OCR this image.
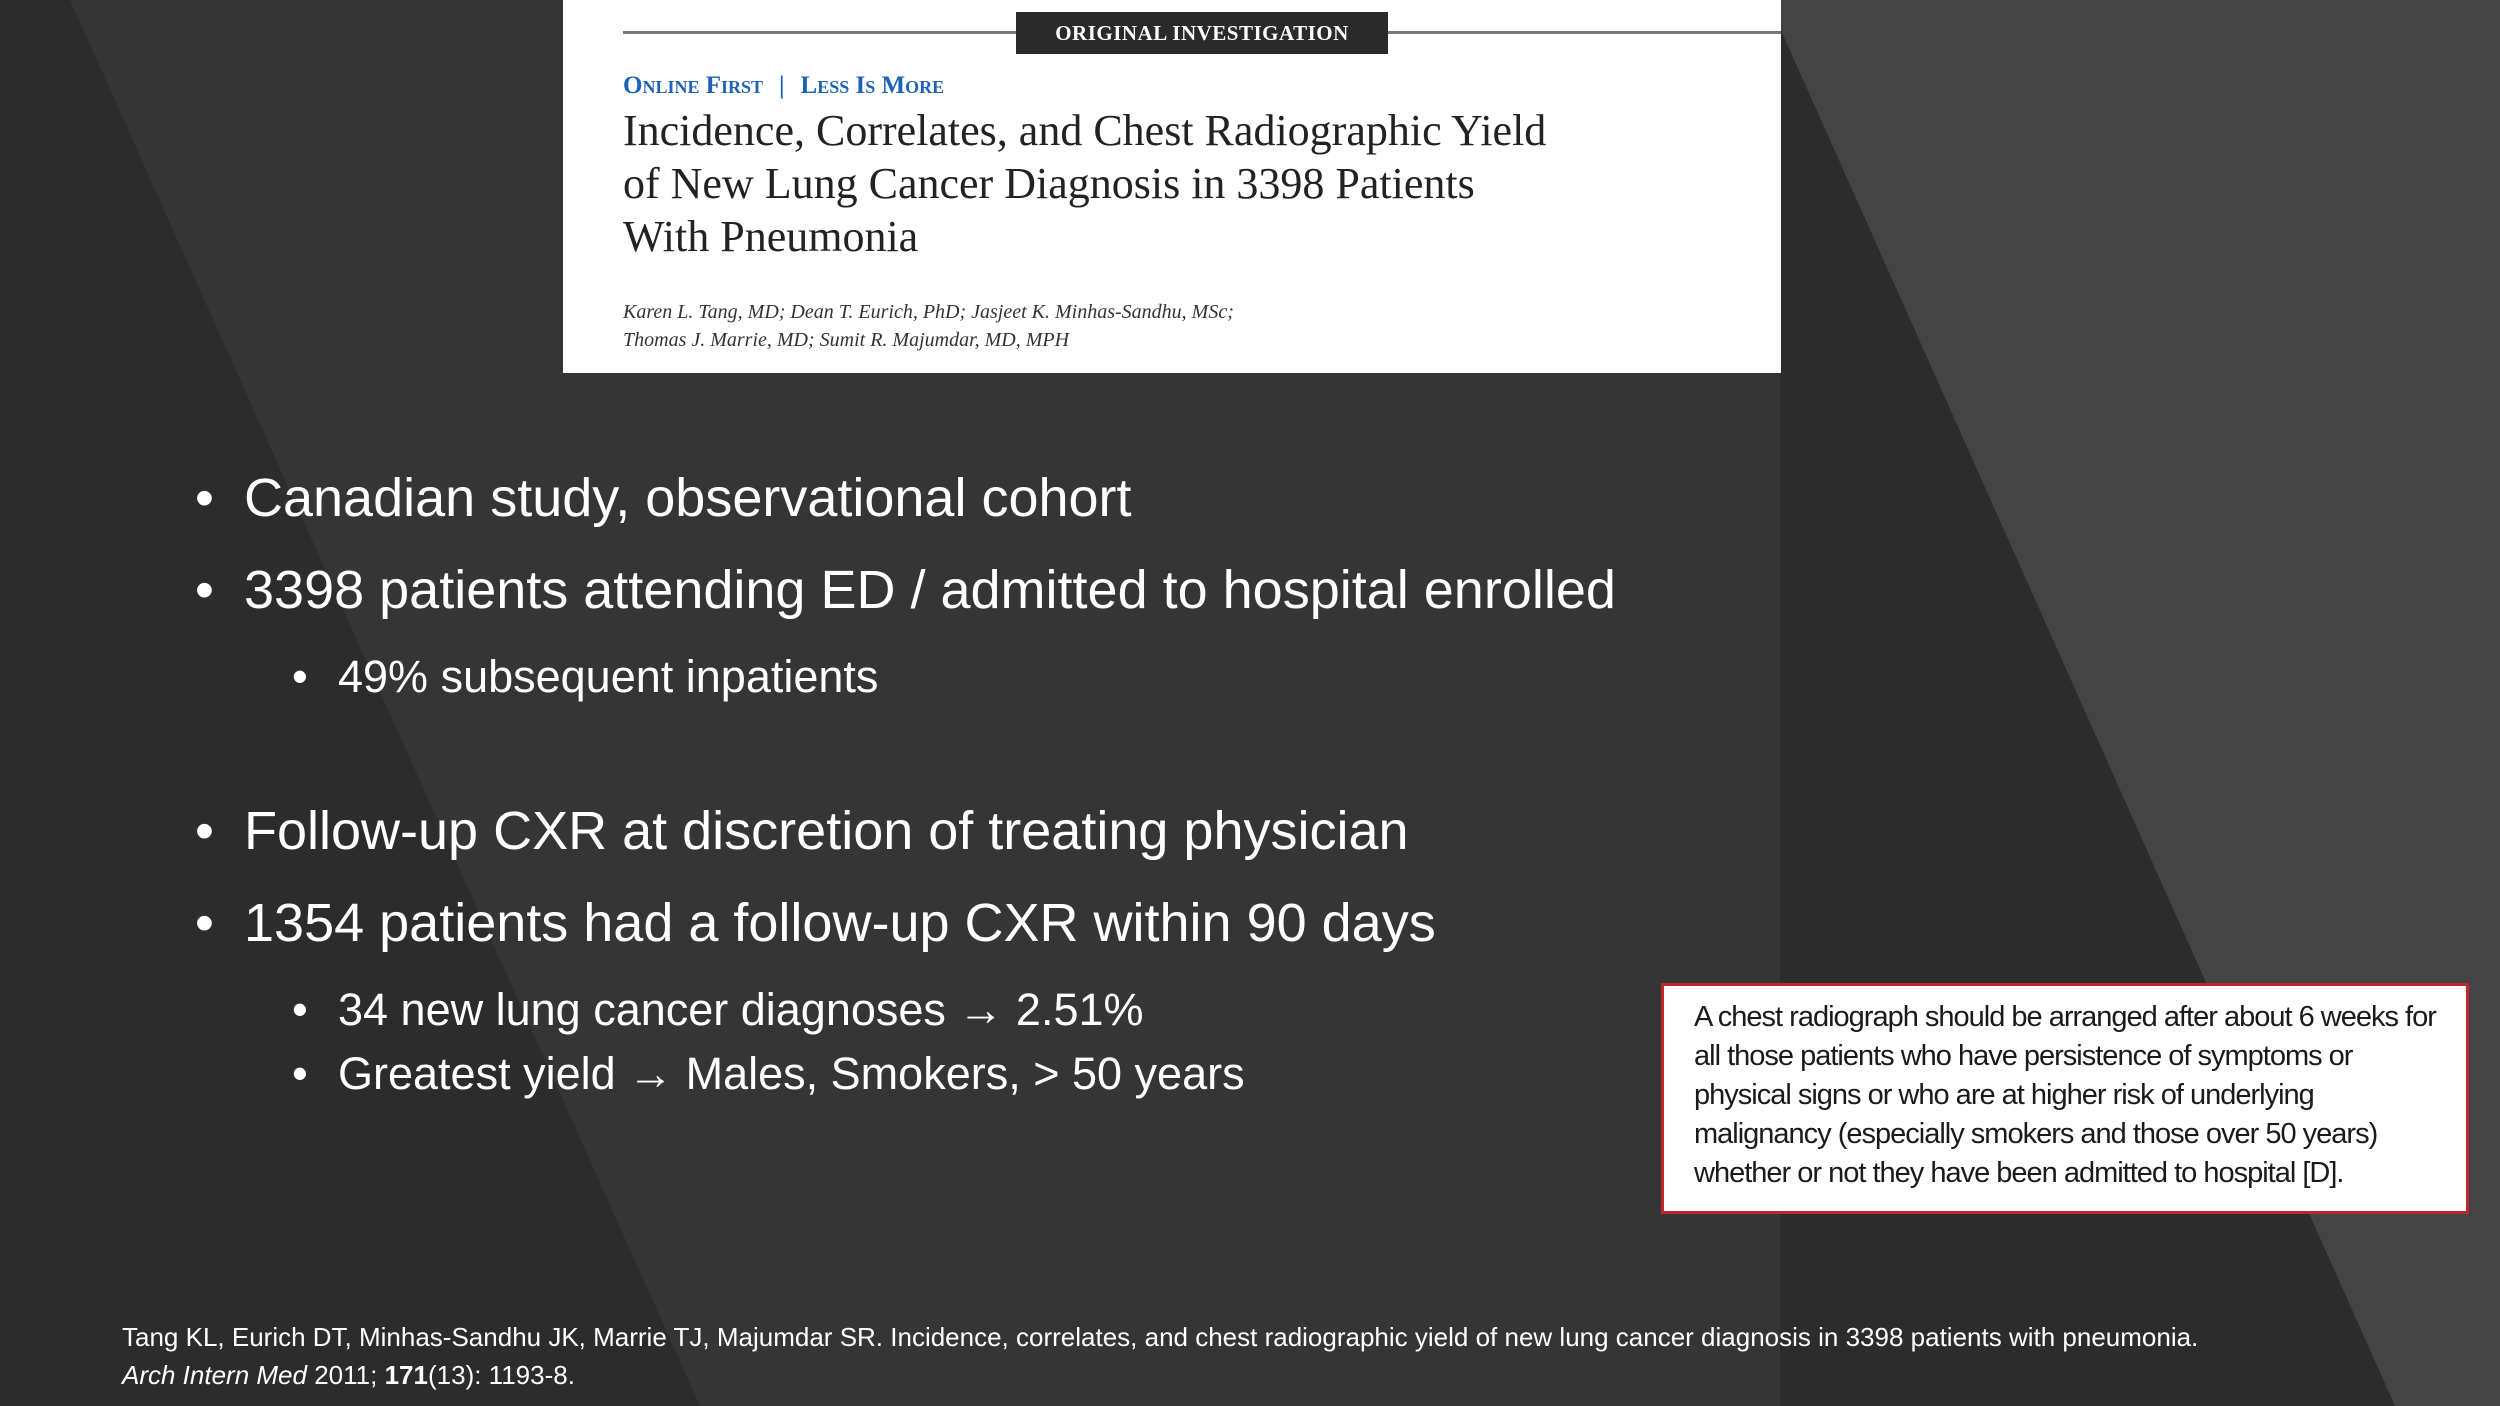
ORIGINAL INVESTIGATION
Online First | Less Is More
Incidence, Correlates, and Chest Radiographic Yield
of New Lung Cancer Diagnosis in 3398 Patients
With Pneumonia
Karen L. Tang, MD; Dean T. Eurich, PhD; Jasjeet K. Minhas-Sandhu, MSc;
Thomas J. Marrie, MD; Sumit R. Majumdar, MD, MPH
• Canadian study, observational cohort
• 3398 patients attending ED / admitted to hospital enrolled
• 49% subsequent inpatients
• Follow-up CXR at discretion of treating physician
• 1354 patients had a follow-up CXR within 90 days
• 34 new lung cancer diagnoses → 2.51%
• Greatest yield → Males, Smokers, > 50 years
A chest radiograph should be arranged after about 6 weeks for all those patients who have persistence of symptoms or physical signs or who are at higher risk of underlying malignancy (especially smokers and those over 50 years) whether or not they have been admitted to hospital [D].
Tang KL, Eurich DT, Minhas-Sandhu JK, Marrie TJ, Majumdar SR. Incidence, correlates, and chest radiographic yield of new lung cancer diagnosis in 3398 patients with pneumonia.
Arch Intern Med 2011; 171(13): 1193-8.
